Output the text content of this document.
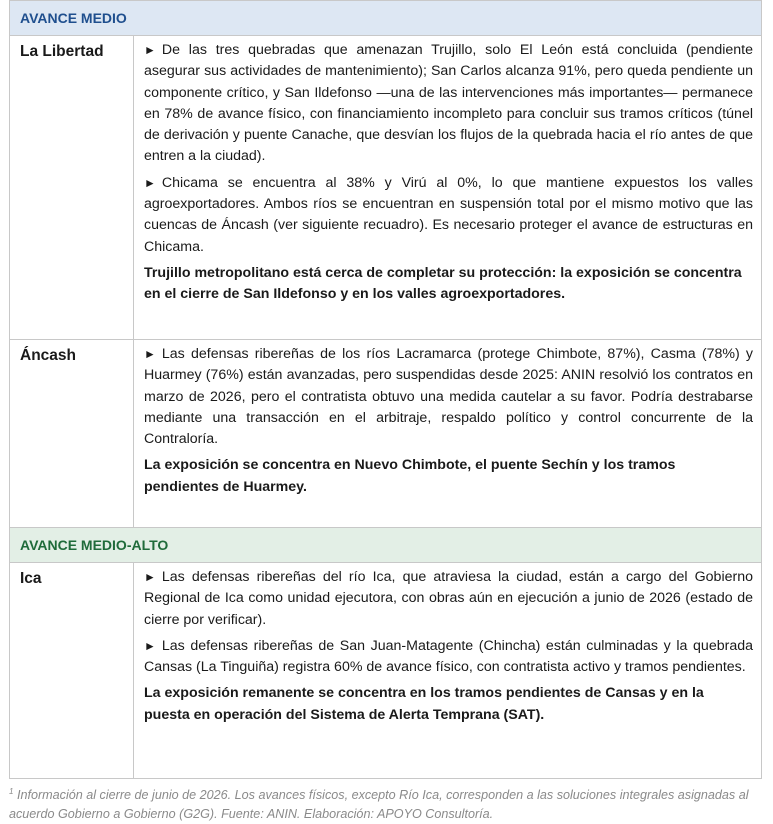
AVANCE MEDIO	

La Libertad	► De las tres quebradas que amenazan Trujillo, solo El León está concluida (pendiente asegurar sus actividades de mantenimiento); San Carlos alcanza 91%, pero queda pendiente un componente crítico, y San Ildefonso —una de las intervenciones más importantes— permanece en 78% de avance físico, con financiamiento incompleto para concluir sus tramos críticos (túnel de derivación y puente Canache, que desvían los flujos de la quebrada hacia el río antes de que entren a la ciudad).

► Chicama se encuentra al 38% y Virú al 0%, lo que mantiene expuestos los valles agroexportadores. Ambos ríos se encuentran en suspensión total por el mismo motivo que las cuencas de Áncash (ver siguiente recuadro). Es necesario proteger el avance de estructuras en Chicama.

Trujillo metropolitano está cerca de completar su protección: la exposición se concentra en el cierre de San Ildefonso y en los valles agroexportadores.

Áncash	► Las defensas ribereñas de los ríos Lacramarca (protege Chimbote, 87%), Casma (78%) y Huarmey (76%) están avanzadas, pero suspendidas desde 2025: ANIN resolvió los contratos en marzo de 2026, pero el contratista obtuvo una medida cautelar a su favor. Podría destrabarse mediante una transacción en el arbitraje, respaldo político y control concurrente de la Contraloría.

La exposición se concentra en Nuevo Chimbote, el puente Sechín y los tramos pendientes de Huarmey.

AVANCE MEDIO-ALTO	

Ica	► Las defensas ribereñas del río Ica, que atraviesa la ciudad, están a cargo del Gobierno Regional de Ica como unidad ejecutora, con obras aún en ejecución a junio de 2026 (estado de cierre por verificar).

► Las defensas ribereñas de San Juan-Matagente (Chincha) están culminadas y la quebrada Cansas (La Tinguiña) registra 60% de avance físico, con contratista activo y tramos pendientes.

La exposición remanente se concentra en los tramos pendientes de Cansas y en la puesta en operación del Sistema de Alerta Temprana (SAT).

$^1$ Información al cierre de junio de 2026. Los avances físicos, excepto Río Ica, corresponden a las soluciones integrales asignadas al acuerdo Gobierno a Gobierno (G2G). Fuente: ANIN. Elaboración: APOYO Consultoría.
